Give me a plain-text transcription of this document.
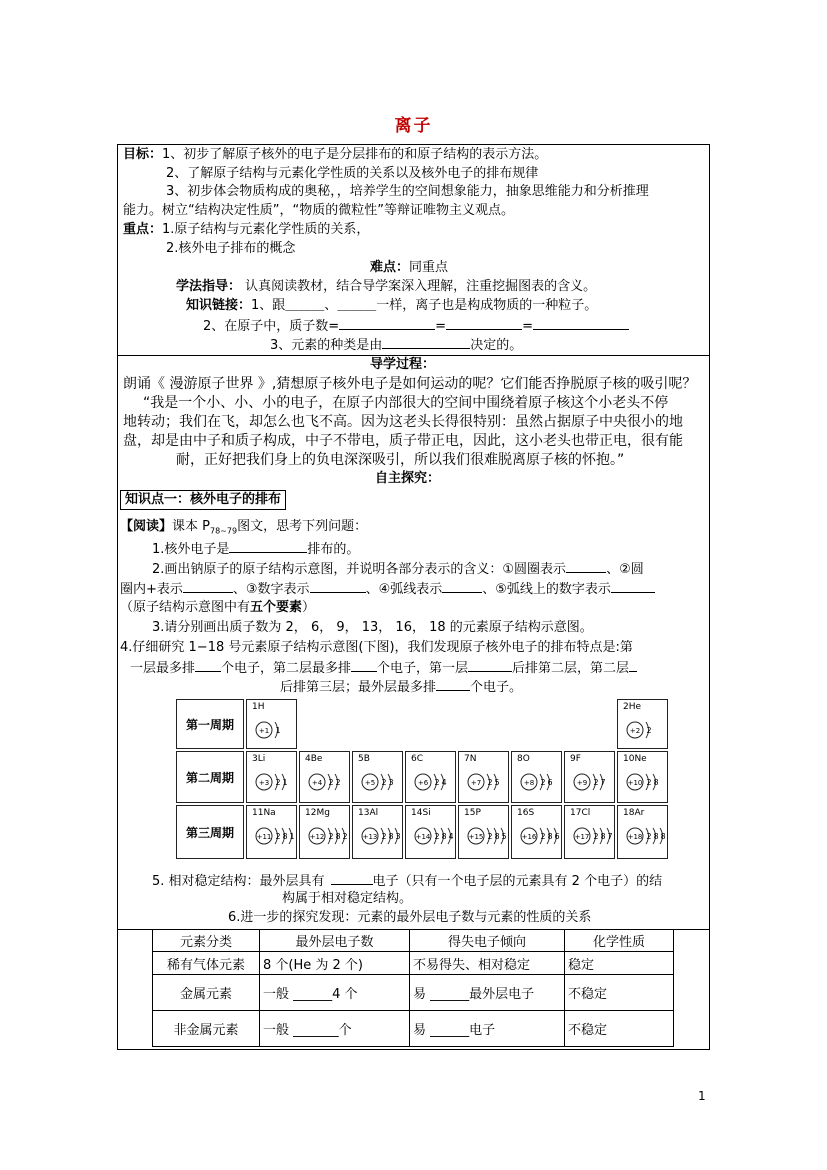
离子
目标：1、初步了解原子核外的电子是分层排布的和原子结构的表示方法。
2、了解原子结构与元素化学性质的关系以及核外电子的排布规律
3、初步体会物质构成的奥秘，，培养学生的空间想象能力，抽象思维能力和分析推理
能力。树立“结构决定性质”，“物质的微粒性”等辩证唯物主义观点。
重点：1.原子结构与元素化学性质的关系，
2.核外电子排布的概念
难点：同重点
学法指导： 认真阅读教材，结合导学案深入理解，注重挖掘图表的含义。
知识链接：1、跟＿＿＿、＿＿＿一样，离子也是构成物质的一种粒子。
2、在原子中，质子数=	=	=
3、元素的种类是由	决定的。
导学过程：
朗诵《 漫游原子世界 》,猜想原子核外电子是如何运动的呢？它们能否挣脱原子核的吸引呢？
“我是一个小、小、小的电子，在原子内部很大的空间中围绕着原子核这个小老头不停
地转动；我们在飞，却怎么也飞不高。因为这老头长得很特别：虽然占据原子中央很小的地
盘，却是由中子和质子构成，中子不带电，质子带正电，因此，这小老头也带正电，很有能
耐，正好把我们身上的负电深深吸引，所以我们很难脱离原子核的怀抱。”
自主探究：
知识点一：核外电子的排布
【阅读】课本 $P_{78\sim 79}$图文，思考下列问题：
1.核外电子是	排布的。
2.画出钠原子的原子结构示意图，并说明各部分表示的含义：①圆圈表示	、②圆
圈内+表示	、③数字表示	、④弧线表示	、⑤弧线上的数字表示
（原子结构示意图中有五个要素）
3.请分别画出质子数为 2， 6， 9， 13， 16， 18 的元素原子结构示意图。
4.仔细研究 1−18 号元素原子结构示意图(下图)，我们发现原子核外电子的排布特点是:第
一层最多排 个电子，第二层最多排 个电子，第一层	后排第二层，第二层
后排第三层；最外层最多排	个电子。
第一周期
第二周期
第三周期
1H
+1 1
2He
+2 2
3Li
+3 2 1
4Be
+4 2 2
5B
+5 2 3
6C
+6 2 4
7N
+7 2 5
8O
+8 2 6
9F
+9 2 7
10Ne
+10 2 8
11Na
+11 2 8 1
12Mg
+12 2 8 2
13Al
+13 2 8 3
14Si
+14 2 8 4
15P
+15 2 8 5
16S
+16 2 8 6
17Cl
+17 2 8 7
18Ar
+18 2 8 8
5. 相对稳定结构：最外层具有	电子（只有一个电子层的元素具有 2 个电子）的结
构属于相对稳定结构。
6.进一步的探究发现：元素的最外层电子数与元素的性质的关系
元素分类	最外层电子数	得失电子倾向	化学性质
稀有气体元素	8 个(He 为 2 个)	不易得失、相对稳定	稳定
金属元素	一般 ______4 个	易 ______最外层电子	不稳定
非金属元素	一般 _______个	易 ______电子	不稳定
1
